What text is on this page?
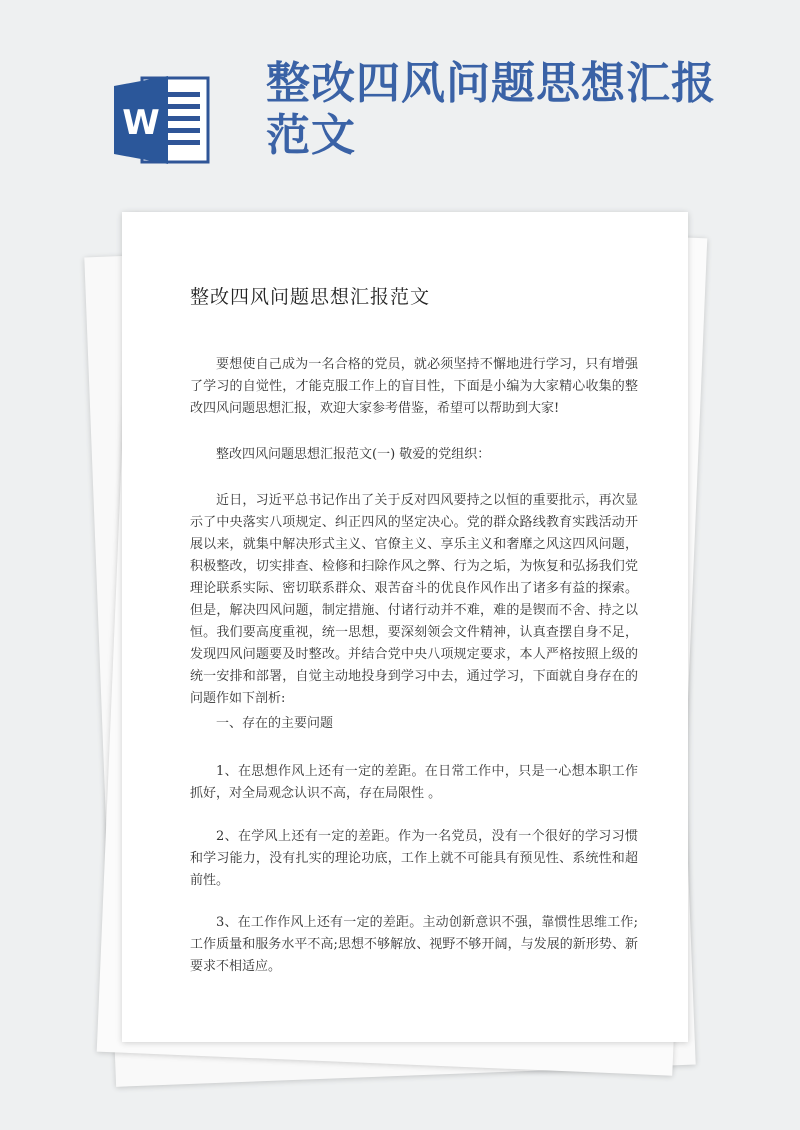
W
整改四风问题思想汇报范文
整改四风问题思想汇报范文

要想使自己成为一名合格的党员，就必须坚持不懈地进行学习，只有增强了学习的自觉性，才能克服工作上的盲目性，下面是小编为大家精心收集的整改四风问题思想汇报，欢迎大家参考借鉴，希望可以帮助到大家!

整改四风问题思想汇报范文(一) 敬爱的党组织：

近日，习近平总书记作出了关于反对四风要持之以恒的重要批示，再次显示了中央落实八项规定、纠正四风的坚定决心。党的群众路线教育实践活动开展以来，就集中解决形式主义、官僚主义、享乐主义和奢靡之风这四风问题，积极整改，切实排查、检修和扫除作风之弊、行为之垢，为恢复和弘扬我们党理论联系实际、密切联系群众、艰苦奋斗的优良作风作出了诸多有益的探索。但是，解决四风问题，制定措施、付诸行动并不难，难的是锲而不舍、持之以恒。我们要高度重视，统一思想，要深刻领会文件精神，认真查摆自身不足，发现四风问题要及时整改。并结合党中央八项规定要求，本人严格按照上级的统一安排和部署，自觉主动地投身到学习中去，通过学习，下面就自身存在的问题作如下剖析:

一、存在的主要问题

1、在思想作风上还有一定的差距。在日常工作中，只是一心想本职工作抓好，对全局观念认识不高，存在局限性 。

2、在学风上还有一定的差距。作为一名党员，没有一个很好的学习习惯和学习能力，没有扎实的理论功底，工作上就不可能具有预见性、系统性和超前性。

3、在工作作风上还有一定的差距。主动创新意识不强，靠惯性思维工作;工作质量和服务水平不高;思想不够解放、视野不够开阔，与发展的新形势、新要求不相适应。
